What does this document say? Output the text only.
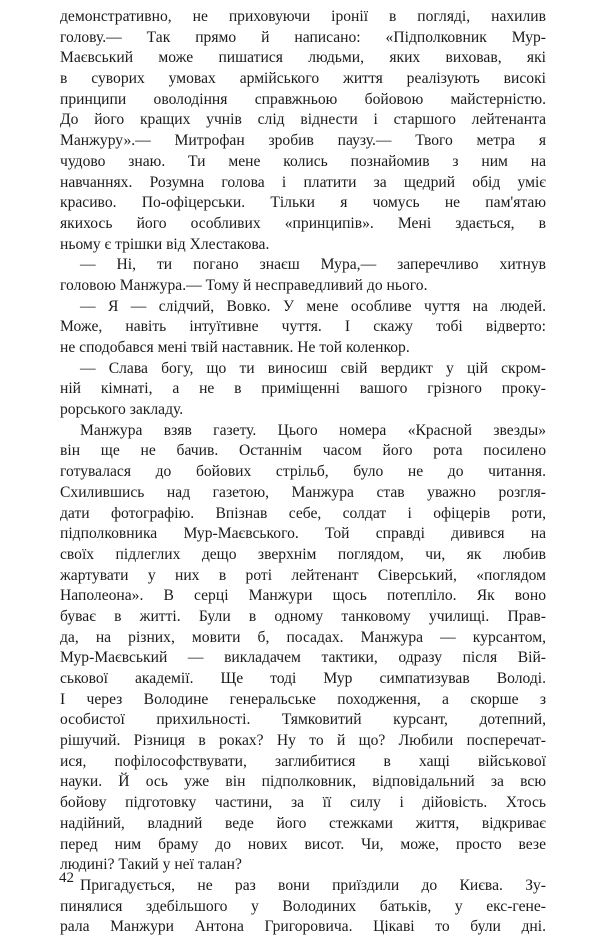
демонстративно, не приховуючи іронії в погляді, нахилив
голову.— Так прямо й написано: «Підполковник Мур-
Маєвський може пишатися людьми, яких виховав, які
в суворих умовах армійського життя реалізують високі
принципи оволодіння справжньою бойовою майстерністю.
До його кращих учнів слід віднести і старшого лейтенанта
Манжуру».— Митрофан зробив паузу.— Твого метра я
чудово знаю. Ти мене колись познайомив з ним на
навчаннях. Розумна голова і платити за щедрий обід уміє
красиво. По-офіцерськи. Тільки я чомусь не пам'ятаю
якихось його особливих «принципів». Мені здається, в
ньому є трішки від Хлестакова.
— Ні, ти погано знаєш Мура,— заперечливо хитнув
головою Манжура.— Тому й несправедливий до нього.
— Я — слідчий, Вовко. У мене особливе чуття на людей.
Може, навіть інтуїтивне чуття. І скажу тобі відверто:
не сподобався мені твій наставник. Не той коленкор.
— Слава богу, що ти виносиш свій вердикт у цій скром-
ній кімнаті, а не в приміщенні вашого грізного проку-
рорського закладу.
Манжура взяв газету. Цього номера «Красной звезды»
він ще не бачив. Останнім часом його рота посилено
готувалася до бойових стрільб, було не до читання.
Схилившись над газетою, Манжура став уважно розгля-
дати фотографію. Впізнав себе, солдат і офіцерів роти,
підполковника Мур-Маєвського. Той справді дивився на
своїх підлеглих дещо зверхнім поглядом, чи, як любив
жартувати у них в роті лейтенант Сіверський, «поглядом
Наполеона». В серці Манжури щось потепліло. Як воно
буває в житті. Були в одному танковому училищі. Прав-
да, на різних, мовити б, посадах. Манжура — курсантом,
Мур-Маєвський — викладачем тактики, одразу після Вій-
ськової академії. Ще тоді Мур симпатизував Володі.
І через Володине генеральське походження, а скорше з
особистої прихильності. Тямковитий курсант, дотепний,
рішучий. Різниця в роках? Ну то й що? Любили посперечат-
ися, пофілософствувати, заглибитися в хащі військової
науки. Й ось уже він підполковник, відповідальний за всю
бойову підготовку частини, за її силу і дійовість. Хтось
надійний, владний веде його стежками життя, відкриває
перед ним браму до нових висот. Чи, може, просто везе
людині? Такий у неї талан?
Пригадується, не раз вони приїздили до Києва. Зу-
пинялися здебільшого у Володиних батьків, у екс-гене-
рала Манжури Антона Григоровича. Цікаві то були дні.
42
